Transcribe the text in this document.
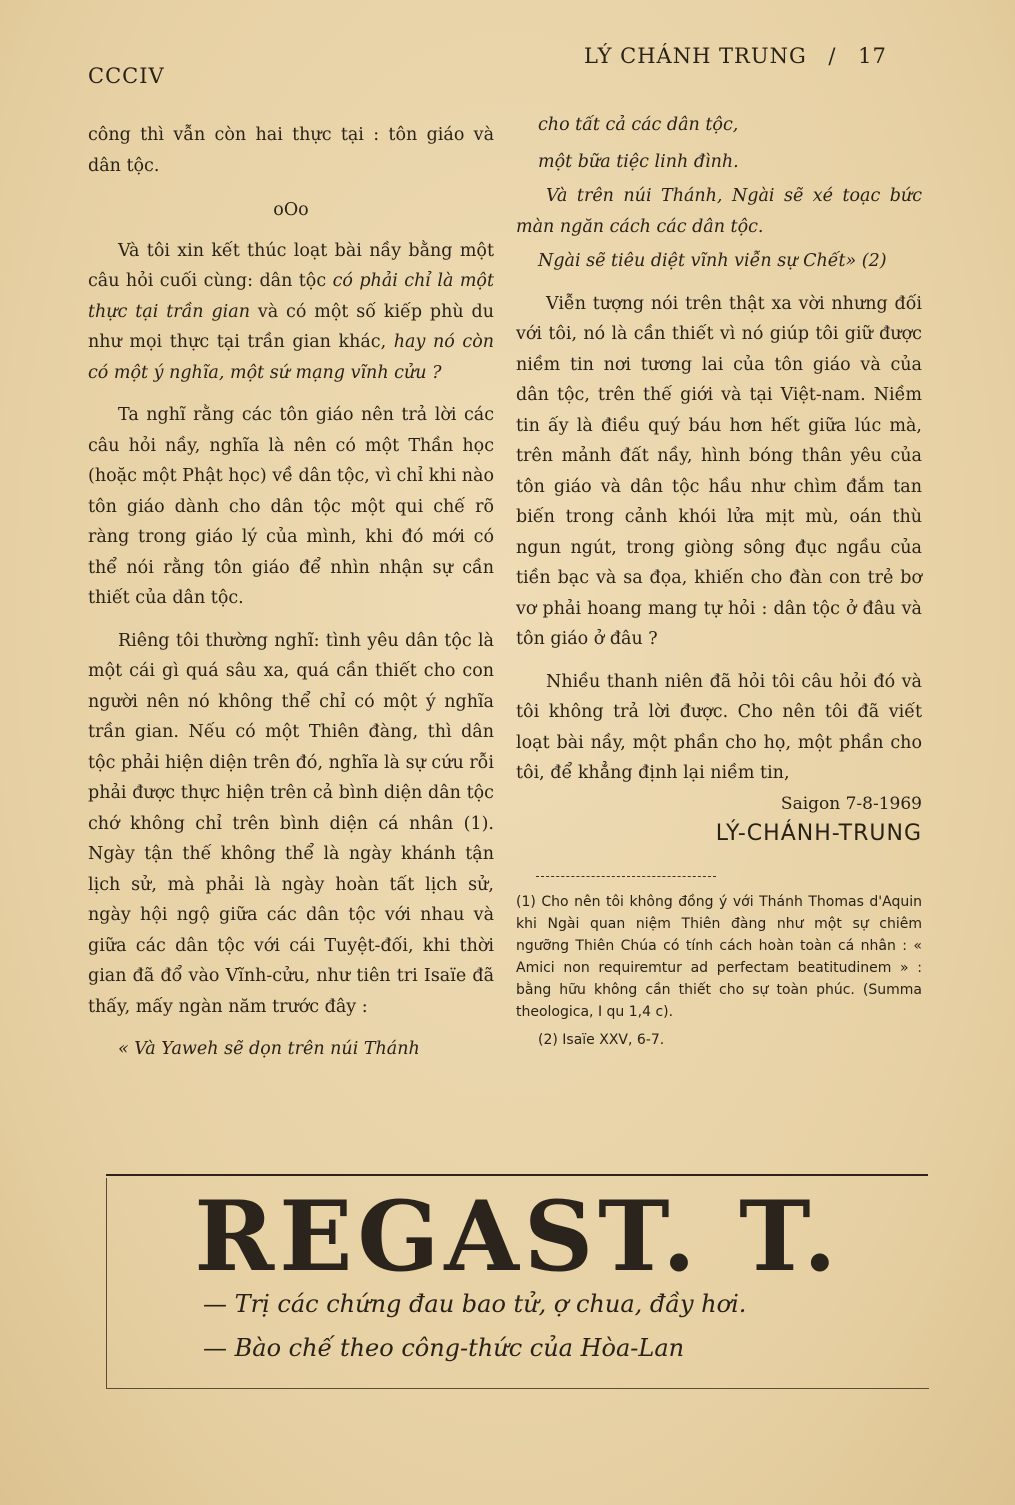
CCCIV
LÝ CHÁNH TRUNG / 17

công thì vẫn còn hai thực tại : tôn giáo và dân tộc.

oOo

Và tôi xin kết thúc loạt bài nầy bằng một câu hỏi cuối cùng: dân tộc có phải chỉ là một thực tại trần gian và có một số kiếp phù du như mọi thực tại trần gian khác, hay nó còn có một ý nghĩa, một sứ mạng vĩnh cửu ?

Ta nghĩ rằng các tôn giáo nên trả lời các câu hỏi nầy, nghĩa là nên có một Thần học (hoặc một Phật học) về dân tộc, vì chỉ khi nào tôn giáo dành cho dân tộc một qui chế rõ ràng trong giáo lý của mình, khi đó mới có thể nói rằng tôn giáo để nhìn nhận sự cần thiết của dân tộc.

Riêng tôi thường nghĩ: tình yêu dân tộc là một cái gì quá sâu xa, quá cần thiết cho con người nên nó không thể chỉ có một ý nghĩa trần gian. Nếu có một Thiên đàng, thì dân tộc phải hiện diện trên đó, nghĩa là sự cứu rỗi phải được thực hiện trên cả bình diện dân tộc chớ không chỉ trên bình diện cá nhân (1). Ngày tận thế không thể là ngày khánh tận lịch sử, mà phải là ngày hoàn tất lịch sử, ngày hội ngộ giữa các dân tộc với nhau và giữa các dân tộc với cái Tuyệt-đối, khi thời gian đã đổ vào Vĩnh-cửu, như tiên tri Isaïe đã thấy, mấy ngàn năm trước đây :

« Và Yaweh sẽ dọn trên núi Thánh

cho tất cả các dân tộc,

một bữa tiệc linh đình.

Và trên núi Thánh, Ngài sẽ xé toạc bức màn ngăn cách các dân tộc.

Ngài sẽ tiêu diệt vĩnh viễn sự Chết» (2)

Viễn tượng nói trên thật xa vời nhưng đối với tôi, nó là cần thiết vì nó giúp tôi giữ được niềm tin nơi tương lai của tôn giáo và của dân tộc, trên thế giới và tại Việt-nam. Niềm tin ấy là điều quý báu hơn hết giữa lúc mà, trên mảnh đất nầy, hình bóng thân yêu của tôn giáo và dân tộc hầu như chìm đắm tan biến trong cảnh khói lửa mịt mù, oán thù ngun ngút, trong giòng sông đục ngầu của tiền bạc và sa đọa, khiến cho đàn con trẻ bơ vơ phải hoang mang tự hỏi : dân tộc ở đâu và tôn giáo ở đâu ?

Nhiều thanh niên đã hỏi tôi câu hỏi đó và tôi không trả lời được. Cho nên tôi đã viết loạt bài nầy, một phần cho họ, một phần cho tôi, để khẳng định lại niềm tin,

Saigon 7-8-1969

LÝ-CHÁNH-TRUNG

(1) Cho nên tôi không đồng ý với Thánh Thomas d'Aquin khi Ngài quan niệm Thiên đàng như một sự chiêm ngưỡng Thiên Chúa có tính cách hoàn toàn cá nhân : « Amici non requiremtur ad perfectam beatitudinem » : bằng hữu không cần thiết cho sự toàn phúc. (Summa theologica, I qu 1,4 c).

(2) Isaïe XXV, 6-7.

REGAST. T.
— Trị các chứng đau bao tử, ợ chua, đầy hơi.
— Bào chế theo công-thức của Hòa-Lan
